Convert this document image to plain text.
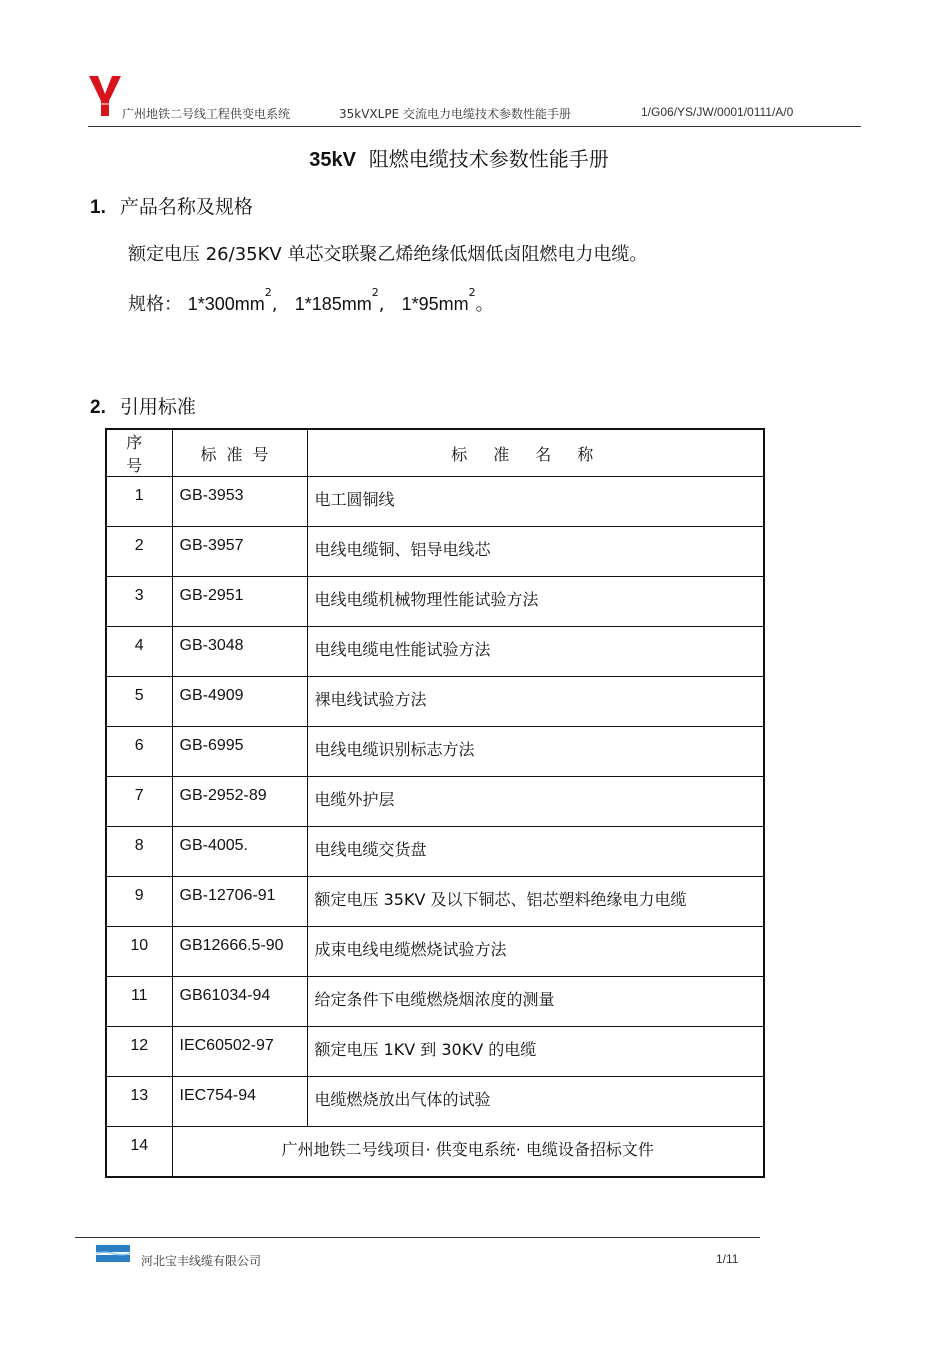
广州地铁二号线工程供变电系统	35kVXLPE 交流电力电缆技术参数性能手册	1/G06/YS/JW/0001/0111/A/0
35kV 阻燃电缆技术参数性能手册
1. 产品名称及规格
额定电压 26/35KV 单芯交联聚乙烯绝缘低烟低卤阻燃电力电缆。
规格： $1*300mm^2$, $1*185mm^2$, $1*95mm^2$。
2. 引用标准
序号	标准号	标准名称
1	GB-3953	电工圆铜线
2	GB-3957	电线电缆铜、铝导电线芯
3	GB-2951	电线电缆机械物理性能试验方法
4	GB-3048	电线电缆电性能试验方法
5	GB-4909	裸电线试验方法
6	GB-6995	电线电缆识别标志方法
7	GB-2952-89	电缆外护层
8	GB-4005.	电线电缆交货盘
9	GB-12706-91	额定电压 35KV 及以下铜芯、铝芯塑料绝缘电力电缆
10	GB12666.5-90	成束电线电缆燃烧试验方法
11	GB61034-94	给定条件下电缆燃烧烟浓度的测量
12	IEC60502-97	额定电压 1KV 到 30KV 的电缆
13	IEC754-94	电缆燃烧放出气体的试验
14	广州地铁二号线项目· 供变电系统· 电缆设备招标文件	
河北宝丰线缆有限公司	1/11
